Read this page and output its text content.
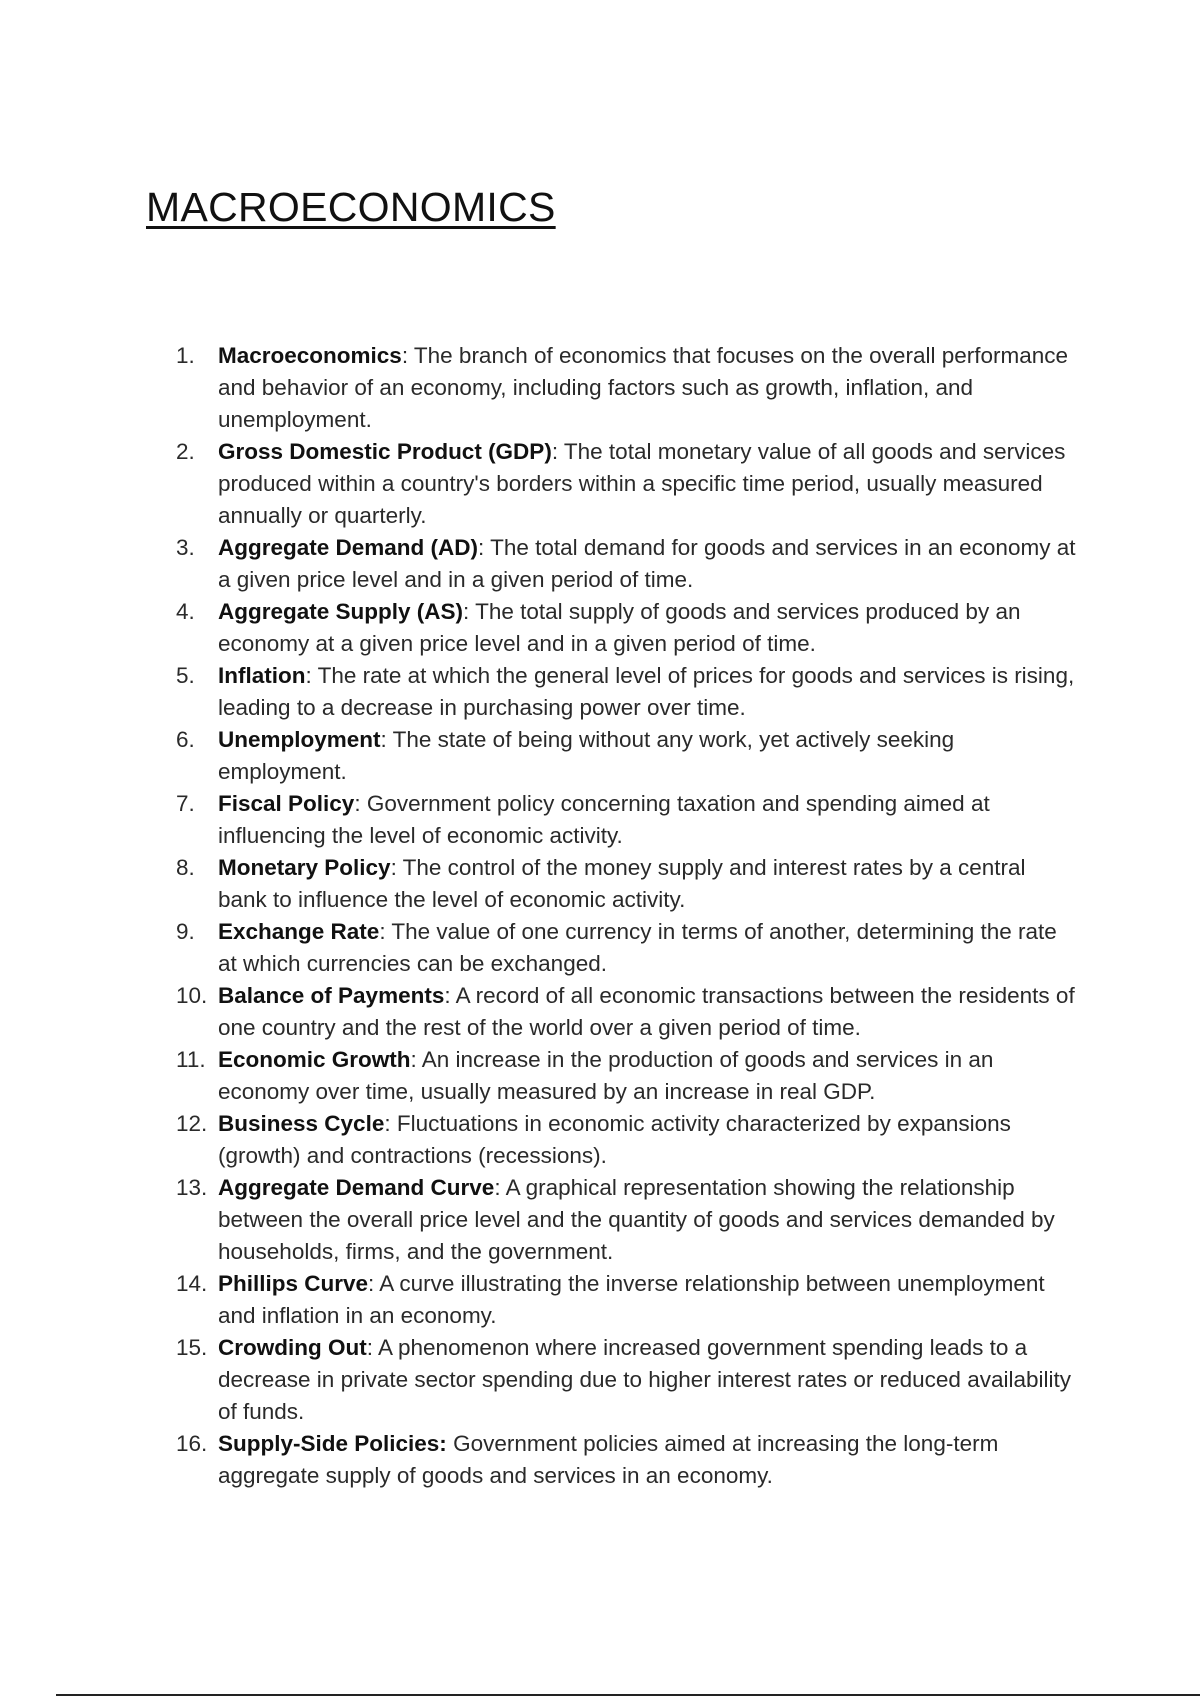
MACROECONOMICS
1.	Macroeconomics: The branch of economics that focuses on the overall performance and behavior of an economy, including factors such as growth, inflation, and unemployment.
2.	Gross Domestic Product (GDP): The total monetary value of all goods and services produced within a country's borders within a specific time period, usually measured annually or quarterly.
3.	Aggregate Demand (AD): The total demand for goods and services in an economy at a given price level and in a given period of time.
4.	Aggregate Supply (AS): The total supply of goods and services produced by an economy at a given price level and in a given period of time.
5.	Inflation: The rate at which the general level of prices for goods and services is rising, leading to a decrease in purchasing power over time.
6.	Unemployment: The state of being without any work, yet actively seeking employment.
7.	Fiscal Policy: Government policy concerning taxation and spending aimed at influencing the level of economic activity.
8.	Monetary Policy: The control of the money supply and interest rates by a central bank to influence the level of economic activity.
9.	Exchange Rate: The value of one currency in terms of another, determining the rate at which currencies can be exchanged.
10. Balance of Payments: A record of all economic transactions between the residents of one country and the rest of the world over a given period of time.
11. Economic Growth: An increase in the production of goods and services in an economy over time, usually measured by an increase in real GDP.
12. Business Cycle: Fluctuations in economic activity characterized by expansions (growth) and contractions (recessions).
13. Aggregate Demand Curve: A graphical representation showing the relationship between the overall price level and the quantity of goods and services demanded by households, firms, and the government.
14. Phillips Curve: A curve illustrating the inverse relationship between unemployment and inflation in an economy.
15. Crowding Out: A phenomenon where increased government spending leads to a decrease in private sector spending due to higher interest rates or reduced availability of funds.
16. Supply-Side Policies: Government policies aimed at increasing the long-term aggregate supply of goods and services in an economy.
